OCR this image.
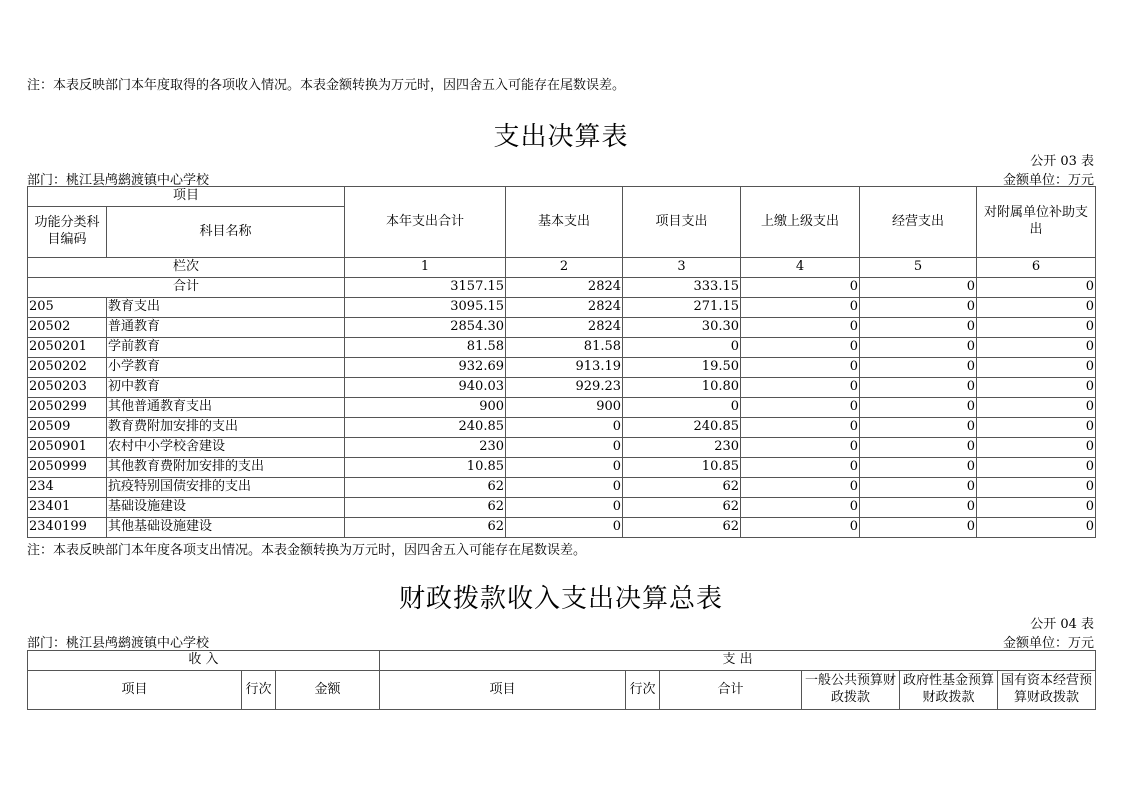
注：本表反映部门本年度取得的各项收入情况。本表金额转换为万元时，因四舍五入可能存在尾数误差。
支出决算表
公开 03 表
部门：桃江县鸬鹚渡镇中心学校	金额单位：万元
项目		本年支出合计	基本支出	项目支出	上缴上级支出	经营支出	对附属单位补助支出
功能分类科目编码	科目名称						
栏次		1	2	3	4	5	6
合计		3157.15	2824	333.15	0	0	0
205	教育支出	3095.15	2824	271.15	0	0	0
20502	普通教育	2854.30	2824	30.30	0	0	0
2050201	学前教育	81.58	81.58	0	0	0	0
2050202	小学教育	932.69	913.19	19.50	0	0	0
2050203	初中教育	940.03	929.23	10.80	0	0	0
2050299	其他普通教育支出	900	900	0	0	0	0
20509	教育费附加安排的支出	240.85	0	240.85	0	0	0
2050901	农村中小学校舍建设	230	0	230	0	0	0
2050999	其他教育费附加安排的支出	10.85	0	10.85	0	0	0
234	抗疫特别国债安排的支出	62	0	62	0	0	0
23401	基础设施建设	62	0	62	0	0	0
2340199	其他基础设施建设	62	0	62	0	0	0
注：本表反映部门本年度各项支出情况。本表金额转换为万元时，因四舍五入可能存在尾数误差。
财政拨款收入支出决算总表
公开 04 表
部门：桃江县鸬鹚渡镇中心学校	金额单位：万元
收 入			支 出					
项目	行次	金额	项目	行次	合计	一般公共预算财政拨款	政府性基金预算财政拨款	国有资本经营预算财政拨款
